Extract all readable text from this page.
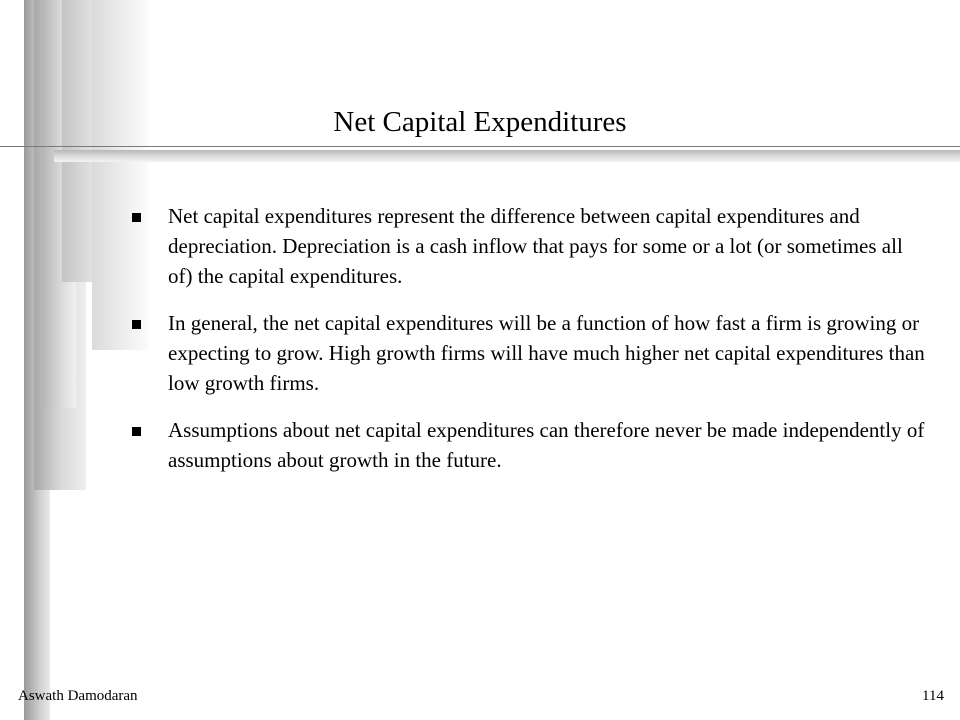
Net Capital Expenditures
Net capital expenditures represent the difference between capital expenditures and depreciation. Depreciation is a cash inflow that pays for some or a lot (or sometimes all of) the capital expenditures.
In general, the net capital expenditures will be a function of how fast a firm is growing or expecting to grow. High growth firms will have much higher net capital expenditures than low growth firms.
Assumptions about net capital expenditures can therefore never be made independently of assumptions about growth in the future.
Aswath Damodaran	114
